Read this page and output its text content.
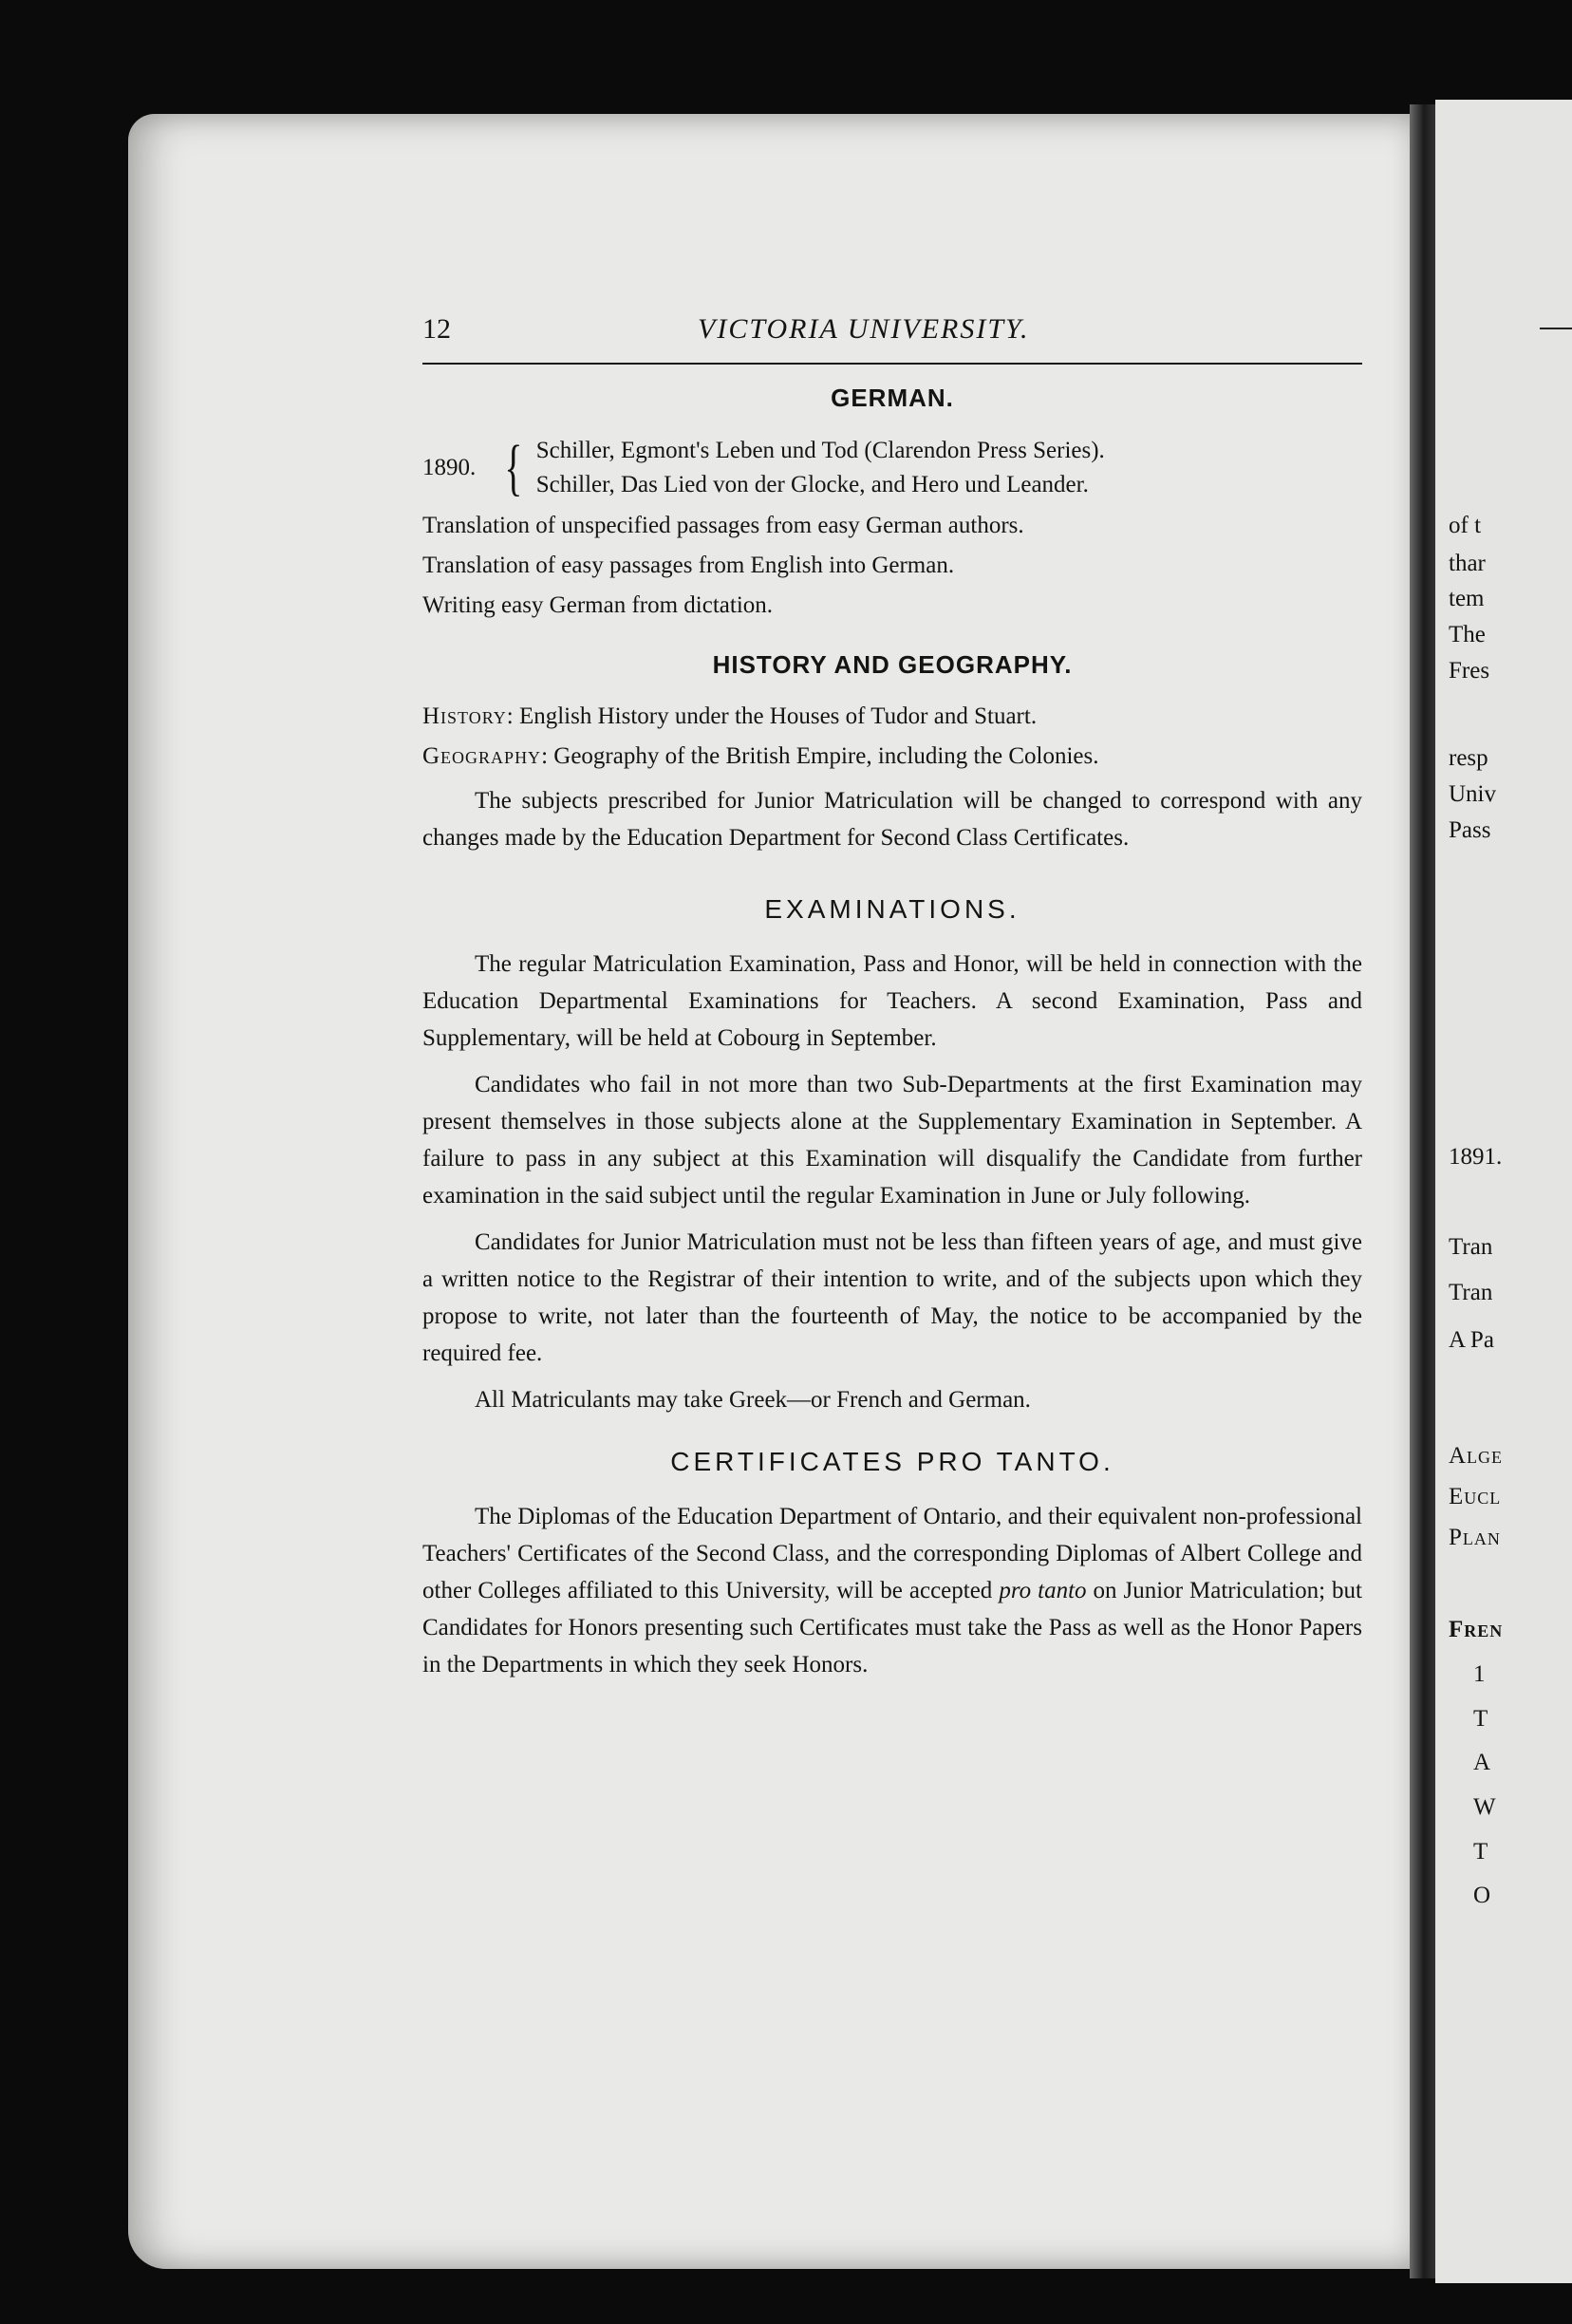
of t
thar
tem
The
Fres
resp
Univ
Pass
1891.
Tran
Tran
A Pa
Alge
Eucl
Plan
Fren
1
T
A
W
T
O
12	VICTORIA UNIVERSITY.
GERMAN.
1890. { Schiller, Egmont's Leben und Tod (Clarendon Press Series).
Schiller, Das Lied von der Glocke, and Hero und Leander.
Translation of unspecified passages from easy German authors.
Translation of easy passages from English into German.
Writing easy German from dictation.
HISTORY AND GEOGRAPHY.
History: English History under the Houses of Tudor and Stuart.
Geography: Geography of the British Empire, including the Colonies.
The subjects prescribed for Junior Matriculation will be changed to correspond with any changes made by the Education Department for Second Class Certificates.
EXAMINATIONS.
The regular Matriculation Examination, Pass and Honor, will be held in connection with the Education Departmental Examinations for Teachers. A second Examination, Pass and Supplementary, will be held at Cobourg in September.
Candidates who fail in not more than two Sub-Departments at the first Examination may present themselves in those subjects alone at the Supplementary Examination in September. A failure to pass in any subject at this Examination will disqualify the Candidate from further examination in the said subject until the regular Examination in June or July following.
Candidates for Junior Matriculation must not be less than fifteen years of age, and must give a written notice to the Registrar of their intention to write, and of the subjects upon which they propose to write, not later than the fourteenth of May, the notice to be accompanied by the required fee.
All Matriculants may take Greek—or French and German.
CERTIFICATES PRO TANTO.
The Diplomas of the Education Department of Ontario, and their equivalent non-professional Teachers' Certificates of the Second Class, and the corresponding Diplomas of Albert College and other Colleges affiliated to this University, will be accepted pro tanto on Junior Matriculation; but Candidates for Honors presenting such Certificates must take the Pass as well as the Honor Papers in the Departments in which they seek Honors.
